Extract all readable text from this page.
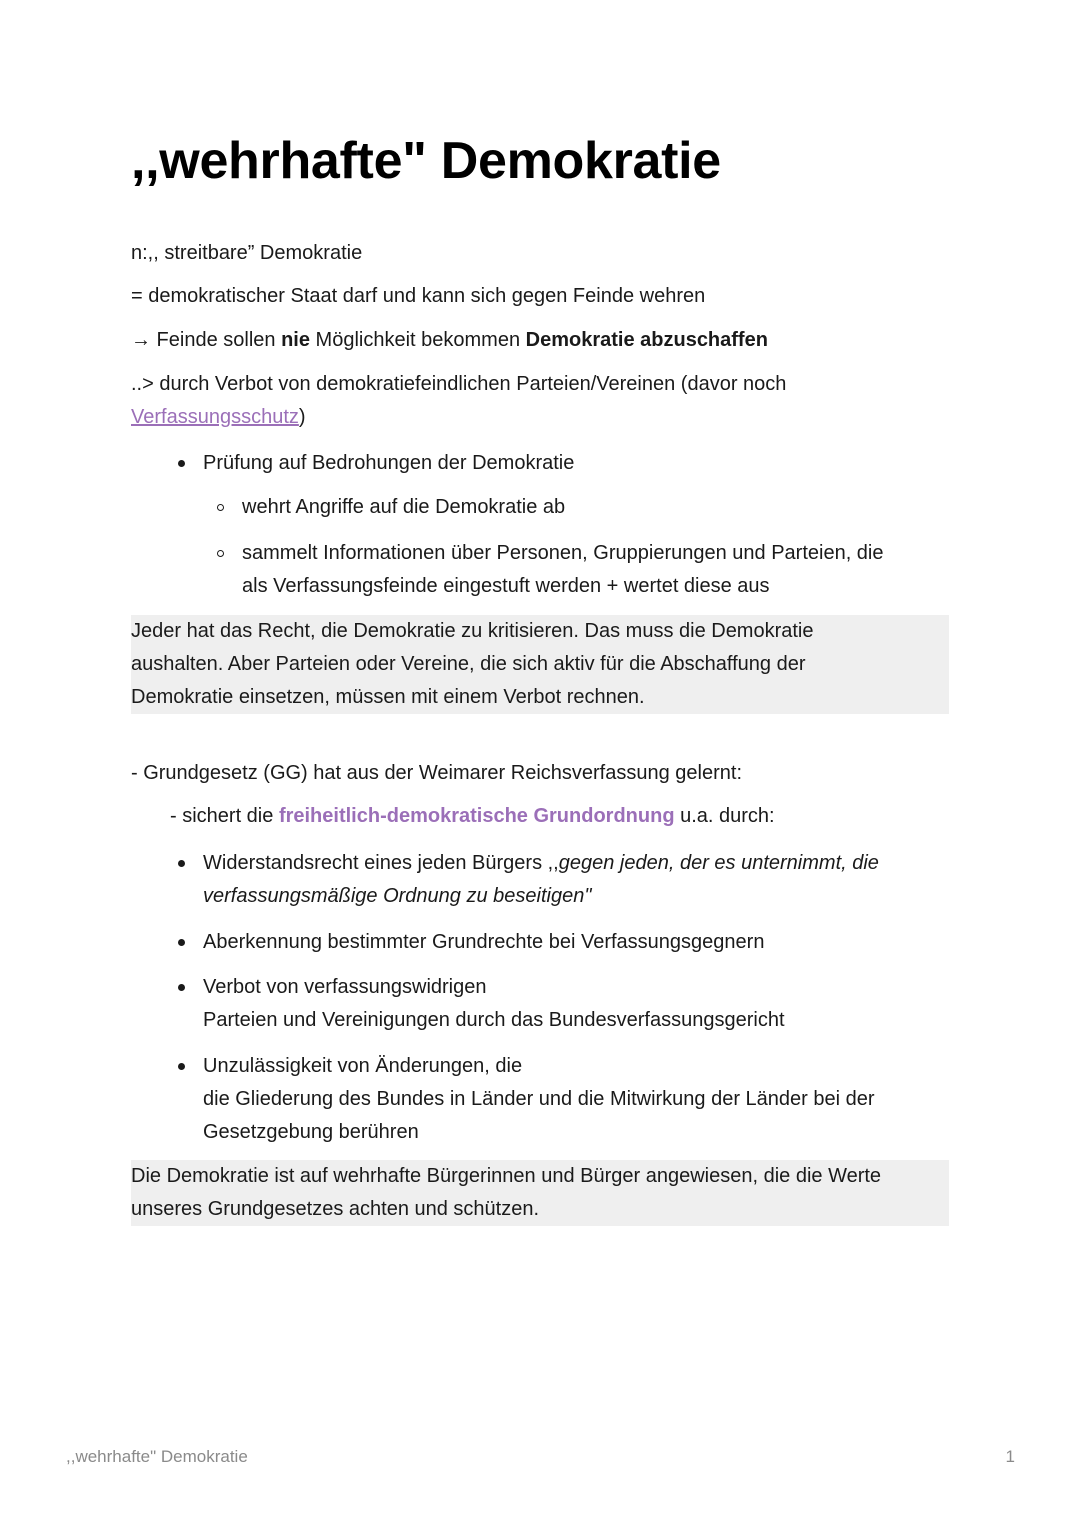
,,wehrhafte" Demokratie
n:,, streitbare” Demokratie
= demokratischer Staat darf und kann sich gegen Feinde wehren
→ Feinde sollen nie Möglichkeit bekommen Demokratie abzuschaffen
..> durch Verbot von demokratiefeindlichen Parteien/Vereinen (davor noch
Verfassungsschutz)
Prüfung auf Bedrohungen der Demokratie
wehrt Angriffe auf die Demokratie ab
sammelt Informationen über Personen, Gruppierungen und Parteien, die
als Verfassungsfeinde eingestuft werden + wertet diese aus
Jeder hat das Recht, die Demokratie zu kritisieren. Das muss die Demokratie
aushalten. Aber Parteien oder Vereine, die sich aktiv für die Abschaffung der
Demokratie einsetzen, müssen mit einem Verbot rechnen.
- Grundgesetz (GG) hat aus der Weimarer Reichsverfassung gelernt:
- sichert die freiheitlich-demokratische Grundordnung u.a. durch:
Widerstandsrecht eines jeden Bürgers ,,gegen jeden, der es unternimmt, die
verfassungsmäßige Ordnung zu beseitigen"
Aberkennung bestimmter Grundrechte bei Verfassungsgegnern
Verbot von verfassungswidrigen
Parteien und Vereinigungen durch das Bundesverfassungsgericht
Unzulässigkeit von Änderungen, die
die Gliederung des Bundes in Länder und die Mitwirkung der Länder bei der
Gesetzgebung berühren
Die Demokratie ist auf wehrhafte Bürgerinnen und Bürger angewiesen, die die Werte
unseres Grundgesetzes achten und schützen.
,,wehrhafte" Demokratie	1
